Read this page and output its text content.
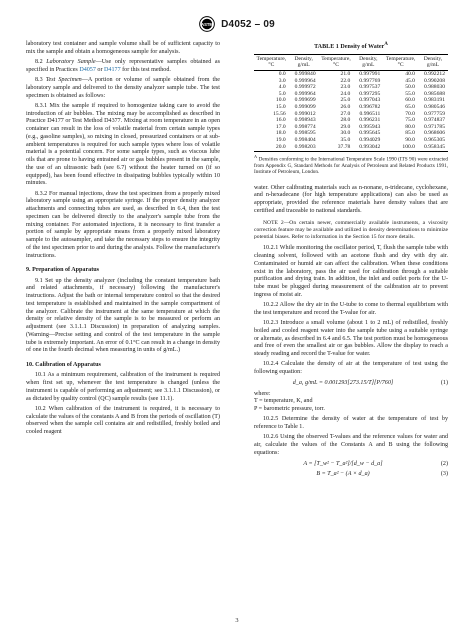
ASTM D4052 – 09

laboratory test container and sample volume shall be of sufficient capacity to mix the sample and obtain a homogeneous sample for analysis.

8.2 Laboratory Sample—Use only representative samples obtained as specified in Practices D4057 or D4177 for this test method.

8.3 Test Specimen—A portion or volume of sample obtained from the laboratory sample and delivered to the density analyzer sample tube. The test specimen is obtained as follows:

8.3.1 Mix the sample if required to homogenize taking care to avoid the introduction of air bubbles. The mixing may be accomplished as described in Practice D4177 or Test Method D4377. Mixing at room temperature in an open container can result in the loss of volatile material from certain sample types (e.g., gasoline samples), so mixing in closed, pressurized containers or at sub-ambient temperatures is required for such sample types where loss of volatile material is a potential concern. For some sample types, such as viscous lube oils that are prone to having entrained air or gas bubbles present in the sample, the use of an ultrasonic bath (see 6.7) without the heater turned on (if so equipped), has been found effective in dissipating bubbles typically within 10 minutes.

8.3.2 For manual injections, draw the test specimen from a properly mixed laboratory sample using an appropriate syringe. If the proper density analyzer attachments and connecting tubes are used, as described in 6.4, then the test specimen can be delivered directly to the analyzer's sample tube from the mixing container. For automated injections, it is necessary to first transfer a portion of sample by appropriate means from a properly mixed laboratory sample to the autosampler, and take the necessary steps to ensure the integrity of the test specimen prior to and during the analysis. Follow the manufacturer's instructions.

9. Preparation of Apparatus

9.1 Set up the density analyzer (including the constant temperature bath and related attachments, if necessary) following the manufacturer's instructions. Adjust the bath or internal temperature control so that the desired test temperature is established and maintained in the sample compartment of the analyzer. Calibrate the instrument at the same temperature at which the density or relative density of the sample is to be measured or perform an adjustment (see 3.1.1.1 Discussion) in preparation of analyzing samples. (Warning—Precise setting and control of the test temperature in the sample tube is extremely important. An error of 0.1°C can result in a change in density of one in the fourth decimal when measuring in units of g/mL.)

10. Calibration of Apparatus

10.1 As a minimum requirement, calibration of the instrument is required when first set up, whenever the test temperature is changed (unless the instrument is capable of performing an adjustment; see 3.1.1.1 Discussion), or as dictated by quality control (QC) sample results (see 11.1).

10.2 When calibration of the instrument is required, it is necessary to calculate the values of the constants A and B from the periods of oscillation (T) observed when the sample cell contains air and redistilled, freshly boiled and cooled reagent

TABLE 1 Density of Water$^A$
Temperature, °C	Density, g/mL	Temperature, °C	Density, g/mL	Temperature, °C	Density, g/mL
0.0	0.999840	21.0	0.997991	40.0	0.992212
3.0	0.999964	22.0	0.997769	45.0	0.990208
4.0	0.999972	23.0	0.997537	50.0	0.988030
5.0	0.999964	24.0	0.997295	55.0	0.985688
10.0	0.999699	25.0	0.997043	60.0	0.983191
15.0	0.999099	26.0	0.996782	65.0	0.980546
15.56	0.999012	27.0	0.996511	70.0	0.977759
16.0	0.998943	28.0	0.996231	75.0	0.974837
17.0	0.998774	29.0	0.995943	80.0	0.971785
18.0	0.998595	30.0	0.995645	85.0	0.968606
19.0	0.998404	35.0	0.994029	90.0	0.965305
20.0	0.998203	37.78	0.993042	100.0	0.958345
$^A$ Densities conforming to the International Temperature Scale 1990 (ITS 90) were extracted from Appendix G, Standard Methods for Analysis of Petroleum and Related Products 1991, Institute of Petroleum, London.

water. Other calibrating materials such as n-nonane, n-tridecane, cyclohexane, and n-hexadecane (for high temperature applications) can also be used as appropriate, provided the reference materials have density values that are certified and traceable to national standards.

NOTE 2—On certain newer, commercially available instruments, a viscosity correction feature may be available and utilized in density determinations to minimize potential biases. Refer to information in the Section 15 for more details.

10.2.1 While monitoring the oscillator period, T, flush the sample tube with cleaning solvent, followed with an acetone flush and dry with dry air. Contaminated or humid air can affect the calibration. When these conditions exist in the laboratory, pass the air used for calibration through a suitable purification and drying train. In addition, the inlet and outlet ports for the U-tube must be plugged during measurement of the calibration air to prevent ingress of moist air.

10.2.2 Allow the dry air in the U-tube to come to thermal equilibrium with the test temperature and record the T-value for air.

10.2.3 Introduce a small volume (about 1 to 2 mL) of redistilled, freshly boiled and cooled reagent water into the sample tube using a suitable syringe or alternate, as described in 6.4 and 6.5. The test portion must be homogeneous and free of even the smallest air or gas bubbles. Allow the display to reach a steady reading and record the T-value for water.

10.2.4 Calculate the density of air at the temperature of test using the following equation:

d_a, g/mL = 0.001293[273.15/T][P/760]	(1)

where:

T = temperature, K, and

P = barometric pressure, torr.

10.2.5 Determine the density of water at the temperature of test by reference to Table 1.

10.2.6 Using the observed T-values and the reference values for water and air, calculate the values of the Constants A and B using the following equations:

A = [T_w² − T_a²]/[d_w − d_a]	(2)
B = T_a² − (A × d_a)	(3)
3
